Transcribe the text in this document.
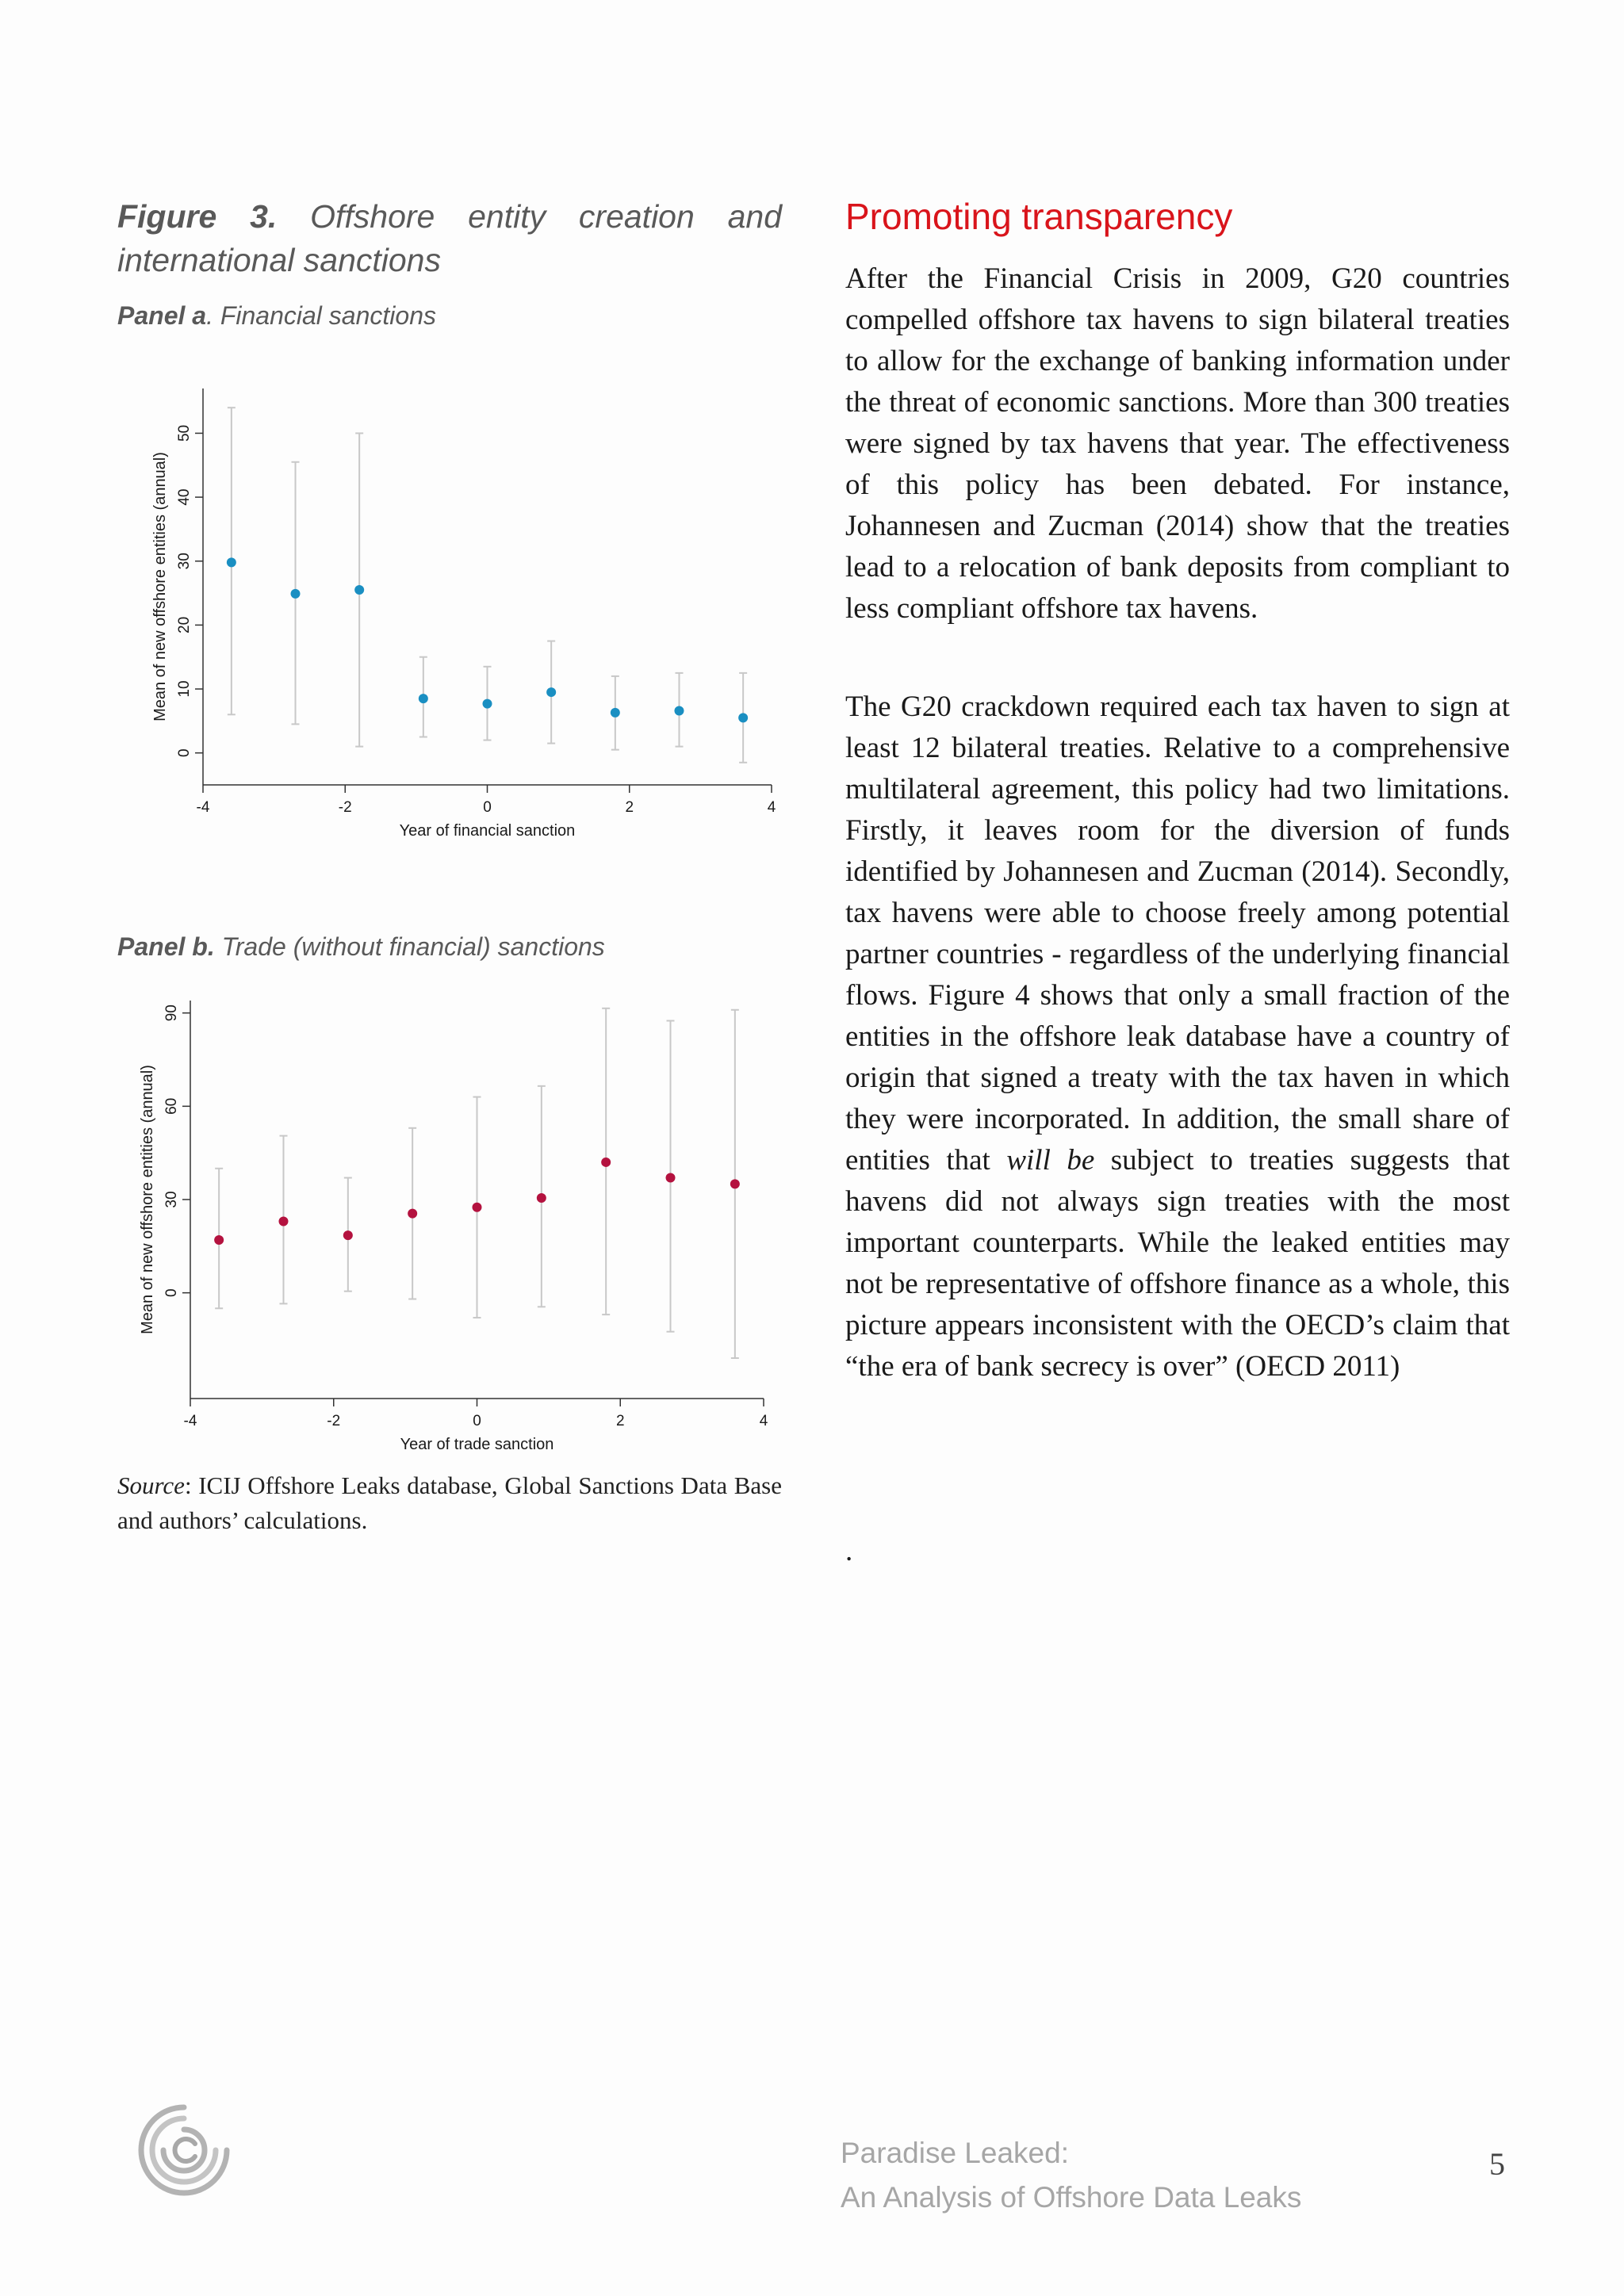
Figure 3. Offshore entity creation and international sanctions
Panel a. Financial sanctions
0
10
20
30
40
50
-4	-2	0	2	4
Year of financial sanction
Mean of new offshore entities (annual)
Panel b. Trade (without financial) sanctions
0
30
60
90
-4	-2	0	2	4
Year of trade sanction
Mean of new offshore entities (annual)
Source: ICIJ Offshore Leaks database, Global Sanctions Data Base and authors’ calculations.
Promoting transparency

After the Financial Crisis in 2009, G20 countries compelled offshore tax havens to sign bilateral treaties to allow for the exchange of banking information under the threat of economic sanctions. More than 300 treaties were signed by tax havens that year. The effectiveness of this policy has been debated. For instance, Johannesen and Zucman (2014) show that the treaties lead to a relocation of bank deposits from compliant to less compliant offshore tax havens.

The G20 crackdown required each tax haven to sign at least 12 bilateral treaties. Relative to a comprehensive multilateral agreement, this policy had two limitations. Firstly, it leaves room for the diversion of funds identified by Johannesen and Zucman (2014). Secondly, tax havens were able to choose freely among potential partner countries - regardless of the underlying financial flows. Figure 4 shows that only a small fraction of the entities in the offshore leak database have a country of origin that signed a treaty with the tax haven in which they were incorporated. In addition, the small share of entities that will be subject to treaties suggests that havens did not always sign treaties with the most important counterparts. While the leaked entities may not be representative of offshore finance as a whole, this picture appears inconsistent with the OECD’s claim that “the era of bank secrecy is over” (OECD 2011)

.
Paradise Leaked:
An Analysis of Offshore Data Leaks
5
